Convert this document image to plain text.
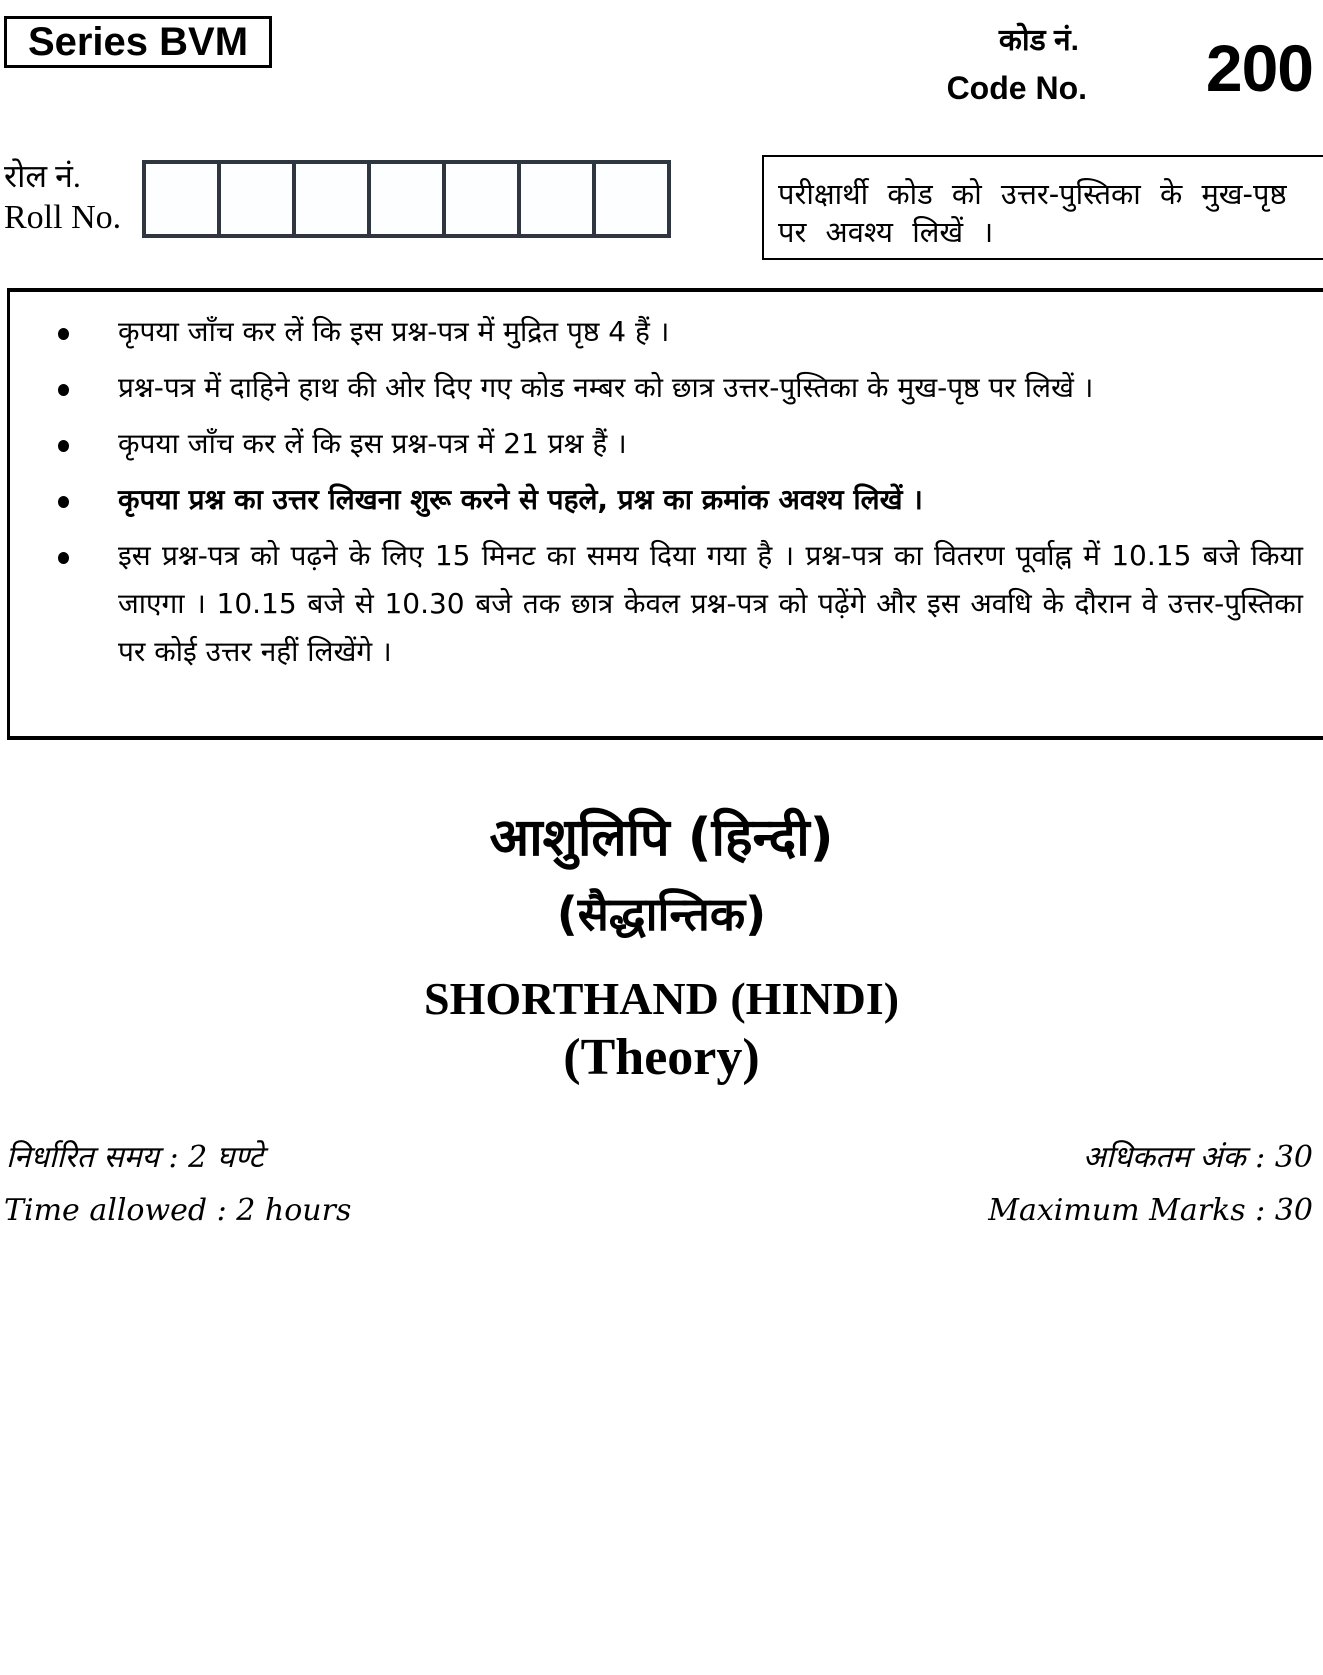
Series BVM	कोड नं.
Code No. 200
रोल नं.
Roll No.
परीक्षार्थी कोड को उत्तर-पुस्तिका के मुख-पृष्ठ
पर अवश्य लिखें ।
कृपया जाँच कर लें कि इस प्रश्न-पत्र में मुद्रित पृष्ठ 4 हैं ।
प्रश्न-पत्र में दाहिने हाथ की ओर दिए गए कोड नम्बर को छात्र उत्तर-पुस्तिका के मुख-पृष्ठ पर लिखें ।
कृपया जाँच कर लें कि इस प्रश्न-पत्र में 21 प्रश्न हैं ।
कृपया प्रश्न का उत्तर लिखना शुरू करने से पहले, प्रश्न का क्रमांक अवश्य लिखें ।
इस प्रश्न-पत्र को पढ़ने के लिए 15 मिनट का समय दिया गया है । प्रश्न-पत्र का वितरण पूर्वाह्न में 10.15 बजे किया जाएगा । 10.15 बजे से 10.30 बजे तक छात्र केवल प्रश्न-पत्र को पढ़ेंगे और इस अवधि के दौरान वे उत्तर-पुस्तिका पर कोई उत्तर नहीं लिखेंगे ।
आशुलिपि (हिन्दी)
(सैद्धान्तिक)
SHORTHAND (HINDI)
(Theory)
निर्धारित समय : 2 घण्टे
Time allowed : 2 hours
अधिकतम अंक : 30
Maximum Marks : 30
